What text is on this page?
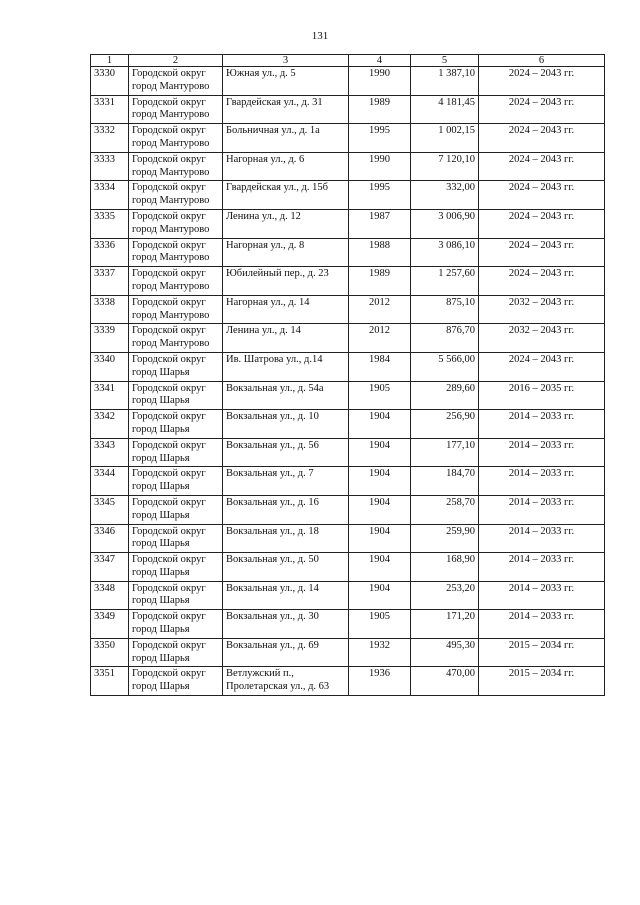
131
1	2	3	4	5	6
3330	Городской округ город Мантурово	Южная ул., д. 5	1990	1 387,10	2024 – 2043 гг.
3331	Городской округ город Мантурово	Гвардейская ул., д. 31	1989	4 181,45	2024 – 2043 гг.
3332	Городской округ город Мантурово	Больничная ул., д. 1а	1995	1 002,15	2024 – 2043 гг.
3333	Городской округ город Мантурово	Нагорная ул., д. 6	1990	7 120,10	2024 – 2043 гг.
3334	Городской округ город Мантурово	Гвардейская ул., д. 15б	1995	332,00	2024 – 2043 гг.
3335	Городской округ город Мантурово	Ленина ул., д. 12	1987	3 006,90	2024 – 2043 гг.
3336	Городской округ город Мантурово	Нагорная ул., д. 8	1988	3 086,10	2024 – 2043 гг.
3337	Городской округ город Мантурово	Юбилейный пер., д. 23	1989	1 257,60	2024 – 2043 гг.
3338	Городской округ город Мантурово	Нагорная ул., д. 14	2012	875,10	2032 – 2043 гг.
3339	Городской округ город Мантурово	Ленина ул., д. 14	2012	876,70	2032 – 2043 гг.
3340	Городской округ город Шарья	Ив. Шатрова ул., д.14	1984	5 566,00	2024 – 2043 гг.
3341	Городской округ город Шарья	Вокзальная ул., д. 54а	1905	289,60	2016 – 2035 гг.
3342	Городской округ город Шарья	Вокзальная ул., д. 10	1904	256,90	2014 – 2033 гг.
3343	Городской округ город Шарья	Вокзальная ул., д. 56	1904	177,10	2014 – 2033 гг.
3344	Городской округ город Шарья	Вокзальная ул., д. 7	1904	184,70	2014 – 2033 гг.
3345	Городской округ город Шарья	Вокзальная ул., д. 16	1904	258,70	2014 – 2033 гг.
3346	Городской округ город Шарья	Вокзальная ул., д. 18	1904	259,90	2014 – 2033 гг.
3347	Городской округ город Шарья	Вокзальная ул., д. 50	1904	168,90	2014 – 2033 гг.
3348	Городской округ город Шарья	Вокзальная ул., д. 14	1904	253,20	2014 – 2033 гг.
3349	Городской округ город Шарья	Вокзальная ул., д. 30	1905	171,20	2014 – 2033 гг.
3350	Городской округ город Шарья	Вокзальная ул., д. 69	1932	495,30	2015 – 2034 гг.
3351	Городской округ город Шарья	Ветлужский п., Пролетарская ул., д. 63	1936	470,00	2015 – 2034 гг.
